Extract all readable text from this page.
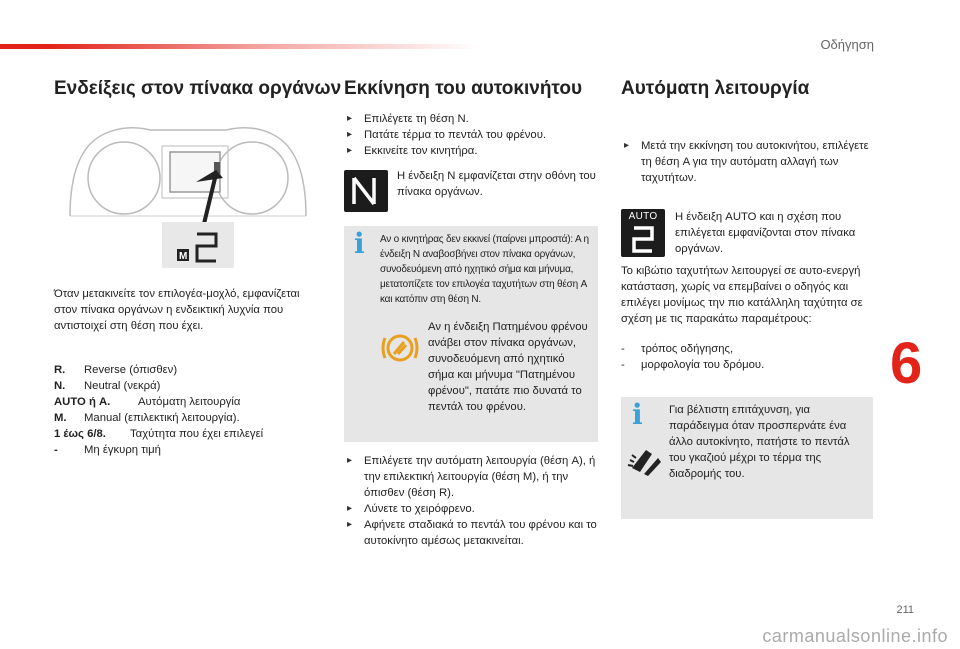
Οδήγηση
6
211
carmanualsonline.info
Ενδείξεις στον πίνακα οργάνων
M
Όταν μετακινείτε τον επιλογέα-μοχλό, εμφανίζεται στον πίνακα οργάνων η ενδεικτική λυχνία που αντιστοιχεί στη θέση που έχει.
R.	Reverse (όπισθεν)
N.	Neutral (νεκρά)
AUTO ή A.	Αυτόματη λειτουργία
M.	Manual (επιλεκτική λειτουργία).
1 έως 6/8.	Ταχύτητα που έχει επιλεγεί
-	Μη έγκυρη τιμή
Εκκίνηση του αυτοκινήτου
▸ Επιλέγετε τη θέση N.
▸ Πατάτε τέρμα το πεντάλ του φρένου.
▸ Εκκινείτε τον κινητήρα.
Η ένδειξη N εμφανίζεται στην οθόνη του πίνακα οργάνων.
i Αν ο κινητήρας δεν εκκινεί (παίρνει μπροστά): Α η ένδειξη N αναβοσβήνει στον πίνακα οργάνων, συνοδευόμενη από ηχητικό σήμα και μήνυμα, μετατοπίζετε τον επιλογέα ταχυτήτων στη θέση A και κατόπιν στη θέση N.
Αν η ένδειξη Πατημένου φρένου ανάβει στον πίνακα οργάνων, συνοδευόμενη από ηχητικό σήμα και μήνυμα "Πατημένου φρένου", πατάτε πιο δυνατά το πεντάλ του φρένου.
▸ Επιλέγετε την αυτόματη λειτουργία (θέση A), ή την επιλεκτική λειτουργία (θέση M), ή την όπισθεν (θέση R).
▸ Λύνετε το χειρόφρενο.
▸ Αφήνετε σταδιακά το πεντάλ του φρένου και το αυτοκίνητο αμέσως μετακινείται.
Αυτόματη λειτουργία
▸ Μετά την εκκίνηση του αυτοκινήτου, επιλέγετε τη θέση A για την αυτόματη αλλαγή των ταχυτήτων.
AUTO	Η ένδειξη AUTO και η σχέση που επιλέγεται εμφανίζονται στον πίνακα οργάνων.
Το κιβώτιο ταχυτήτων λειτουργεί σε αυτο-ενεργή κατάσταση, χωρίς να επεμβαίνει ο οδηγός και επιλέγει μονίμως την πιο κατάλληλη ταχύτητα σε σχέση με τις παρακάτω παραμέτρους:
-	τρόπος οδήγησης,
-	μορφολογία του δρόμου.
i Για βέλτιστη επιτάχυνση, για παράδειγμα όταν προσπερνάτε ένα άλλο αυτοκίνητο, πατήστε το πεντάλ του γκαζιού μέχρι το τέρμα της διαδρομής του.
